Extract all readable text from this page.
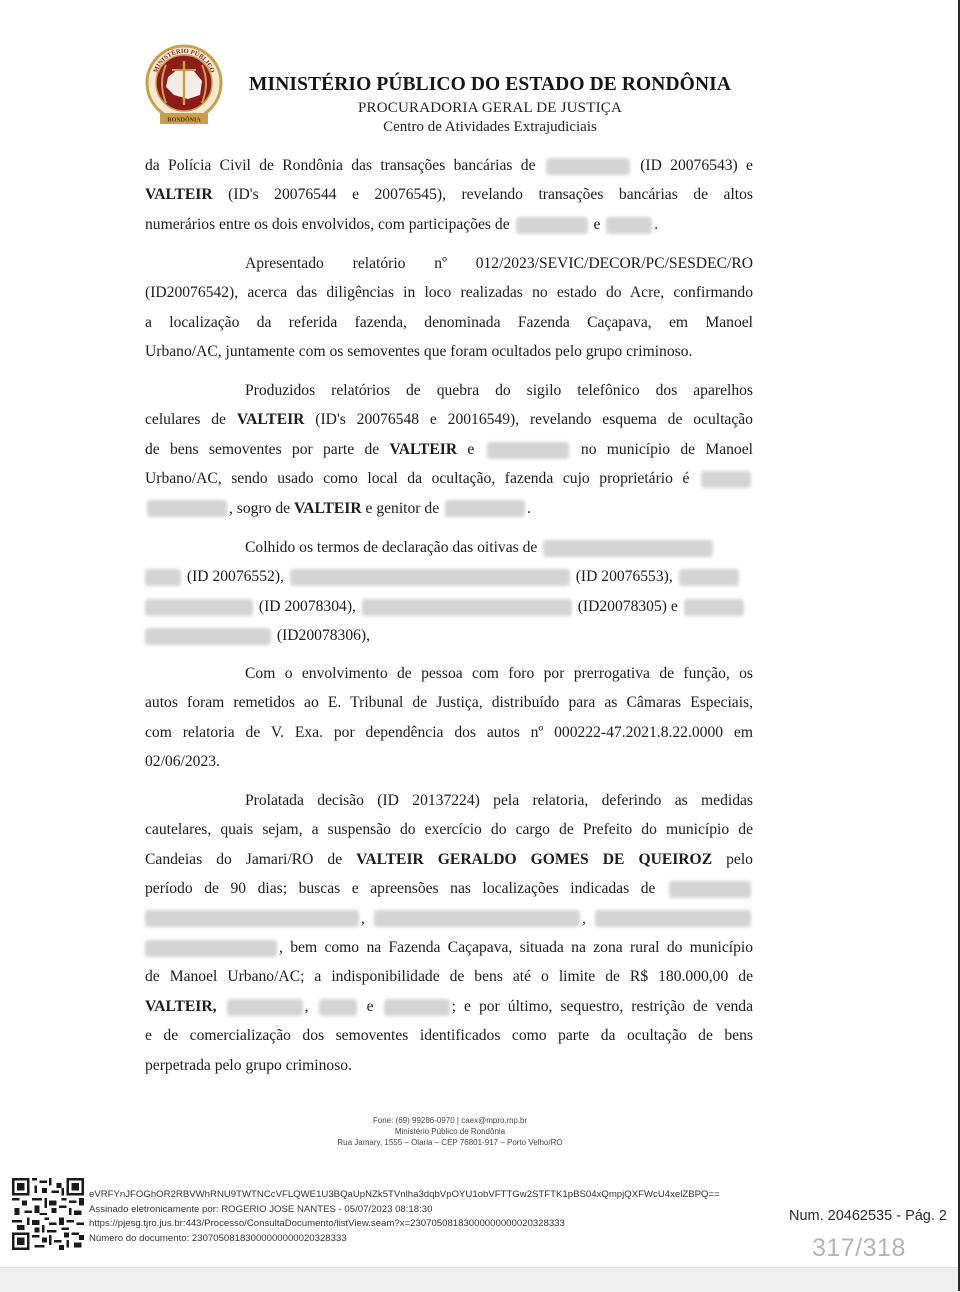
RONDÔNIA
MINISTÉRIO PÚBLICO
MINISTÉRIO PÚBLICO DO ESTADO DE RONDÔNIA
PROCURADORIA GERAL DE JUSTIÇA
Centro de Atividades Extrajudiciais
da Polícia Civil de Rondônia das transações bancárias de	(ID 20076543) e
VALTEIR (ID's 20076544 e 20076545), revelando transações bancárias de altos
numerários entre os dois envolvidos, com participações de	e	.
Apresentado relatório nº 012/2023/SEVIC/DECOR/PC/SESDEC/RO
(ID20076542), acerca das diligências in loco realizadas no estado do Acre, confirmando
a localização da referida fazenda, denominada Fazenda Caçapava, em Manoel
Urbano/AC, juntamente com os semoventes que foram ocultados pelo grupo criminoso.
Produzidos relatórios de quebra do sigilo telefônico dos aparelhos
celulares de VALTEIR (ID's 20076548 e 20016549), revelando esquema de ocultação
de bens semoventes por parte de VALTEIR e	no município de Manoel
Urbano/AC, sendo usado como local da ocultação, fazenda cujo proprietário é
, sogro de VALTEIR e genitor de	.
Colhido os termos de declaração das oitivas de
(ID 20076552),	(ID 20076553),
(ID 20078304),	(ID20078305) e
(ID20078306),
Com o envolvimento de pessoa com foro por prerrogativa de função, os
autos foram remetidos ao E. Tribunal de Justiça, distribuído para as Câmaras Especiais,
com relatoria de V. Exa. por dependência dos autos nº 000222-47.2021.8.22.0000 em
02/06/2023.
Prolatada decisão (ID 20137224) pela relatoria, deferindo as medidas
cautelares, quais sejam, a suspensão do exercício do cargo de Prefeito do município de
Candeias do Jamari/RO de VALTEIR GERALDO GOMES DE QUEIROZ pelo
período de 90 dias; buscas e apreensões nas localizações indicadas de
,	,
, bem como na Fazenda Caçapava, situada na zona rural do município
de Manoel Urbano/AC; a indisponibilidade de bens até o limite de R$ 180.000,00 de
VALTEIR,	,	e	; e por último, sequestro, restrição de venda
e de comercialização dos semoventes identificados como parte da ocultação de bens
perpetrada pelo grupo criminoso.
Fone: (69) 99286-0970 | caex@mpro.mp.br
Ministério Público de Rondônia
Rua Jamary, 1555 – Olaria – CEP 76801-917 – Porto Velho/RO
eVRFYnJFOGhOR2RBVWhRNU9TWTNCcVFLQWE1U3BQaUpNZk5TVnlha3dqbVpOYU1obVFTTGw2STFTK1pBS04xQmpjQXFWcU4xelZBPQ==
Assinado eletronicamente por: ROGERIO JOSE NANTES - 05/07/2023 08:18:30
https://pjesg.tjro.jus.br:443/Processo/ConsultaDocumento/listView.seam?x=23070508183000000000020328333
Número do documento: 23070508183000000000020328333
Num. 20462535 - Pág. 2
317/318
